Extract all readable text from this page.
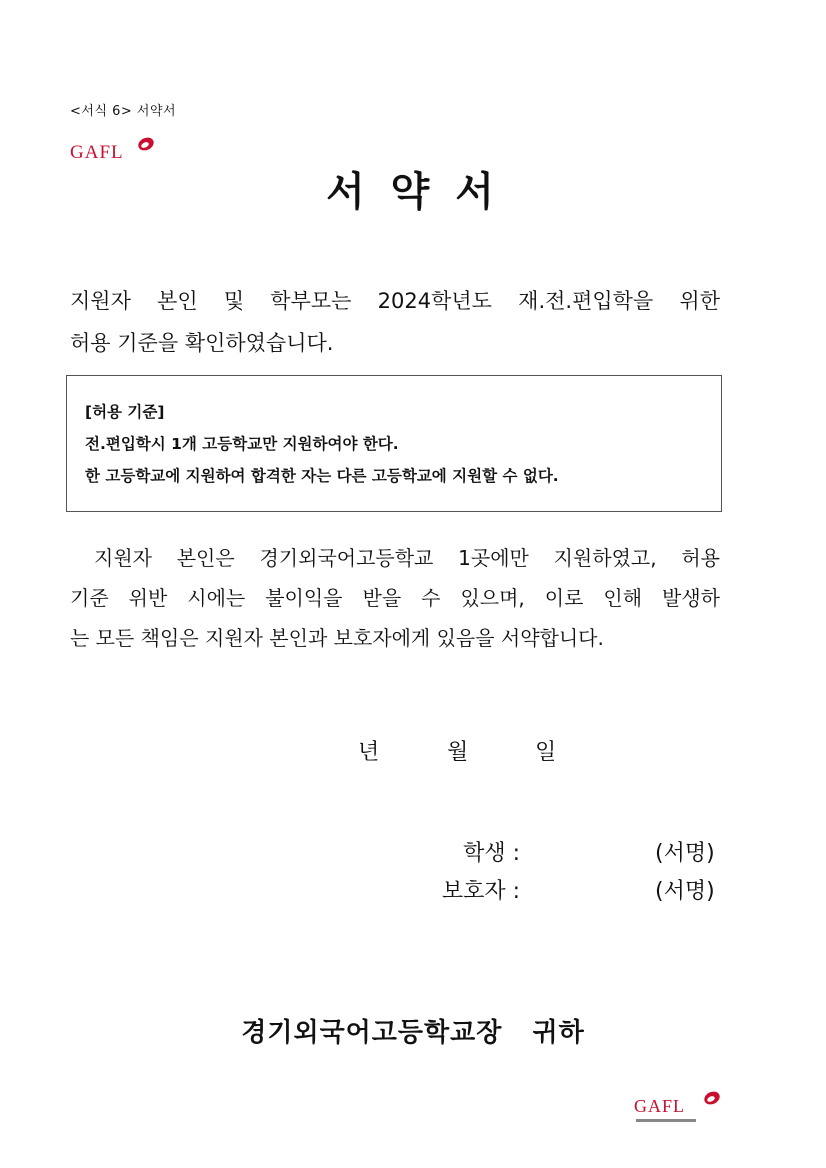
<서식 6> 서약서
GAFL
서 약 서
지원자 본인 및 학부모는 2024학년도 재.전.편입학을 위한
허용 기준을 확인하였습니다.
[허용 기준]
전.편입학시 1개 고등학교만 지원하여야 한다.
한 고등학교에 지원하여 합격한 자는 다른 고등학교에 지원할 수 없다.
지원자 본인은 경기외국어고등학교 1곳에만 지원하였고, 허용
기준 위반 시에는 불이익을 받을 수 있으며, 이로 인해 발생하
는 모든 책임은 지원자 본인과 보호자에게 있음을 서약합니다.
년	월	일
학생 :	(서명)
보호자 :	(서명)
경기외국어고등학교장   귀하
GAFL
